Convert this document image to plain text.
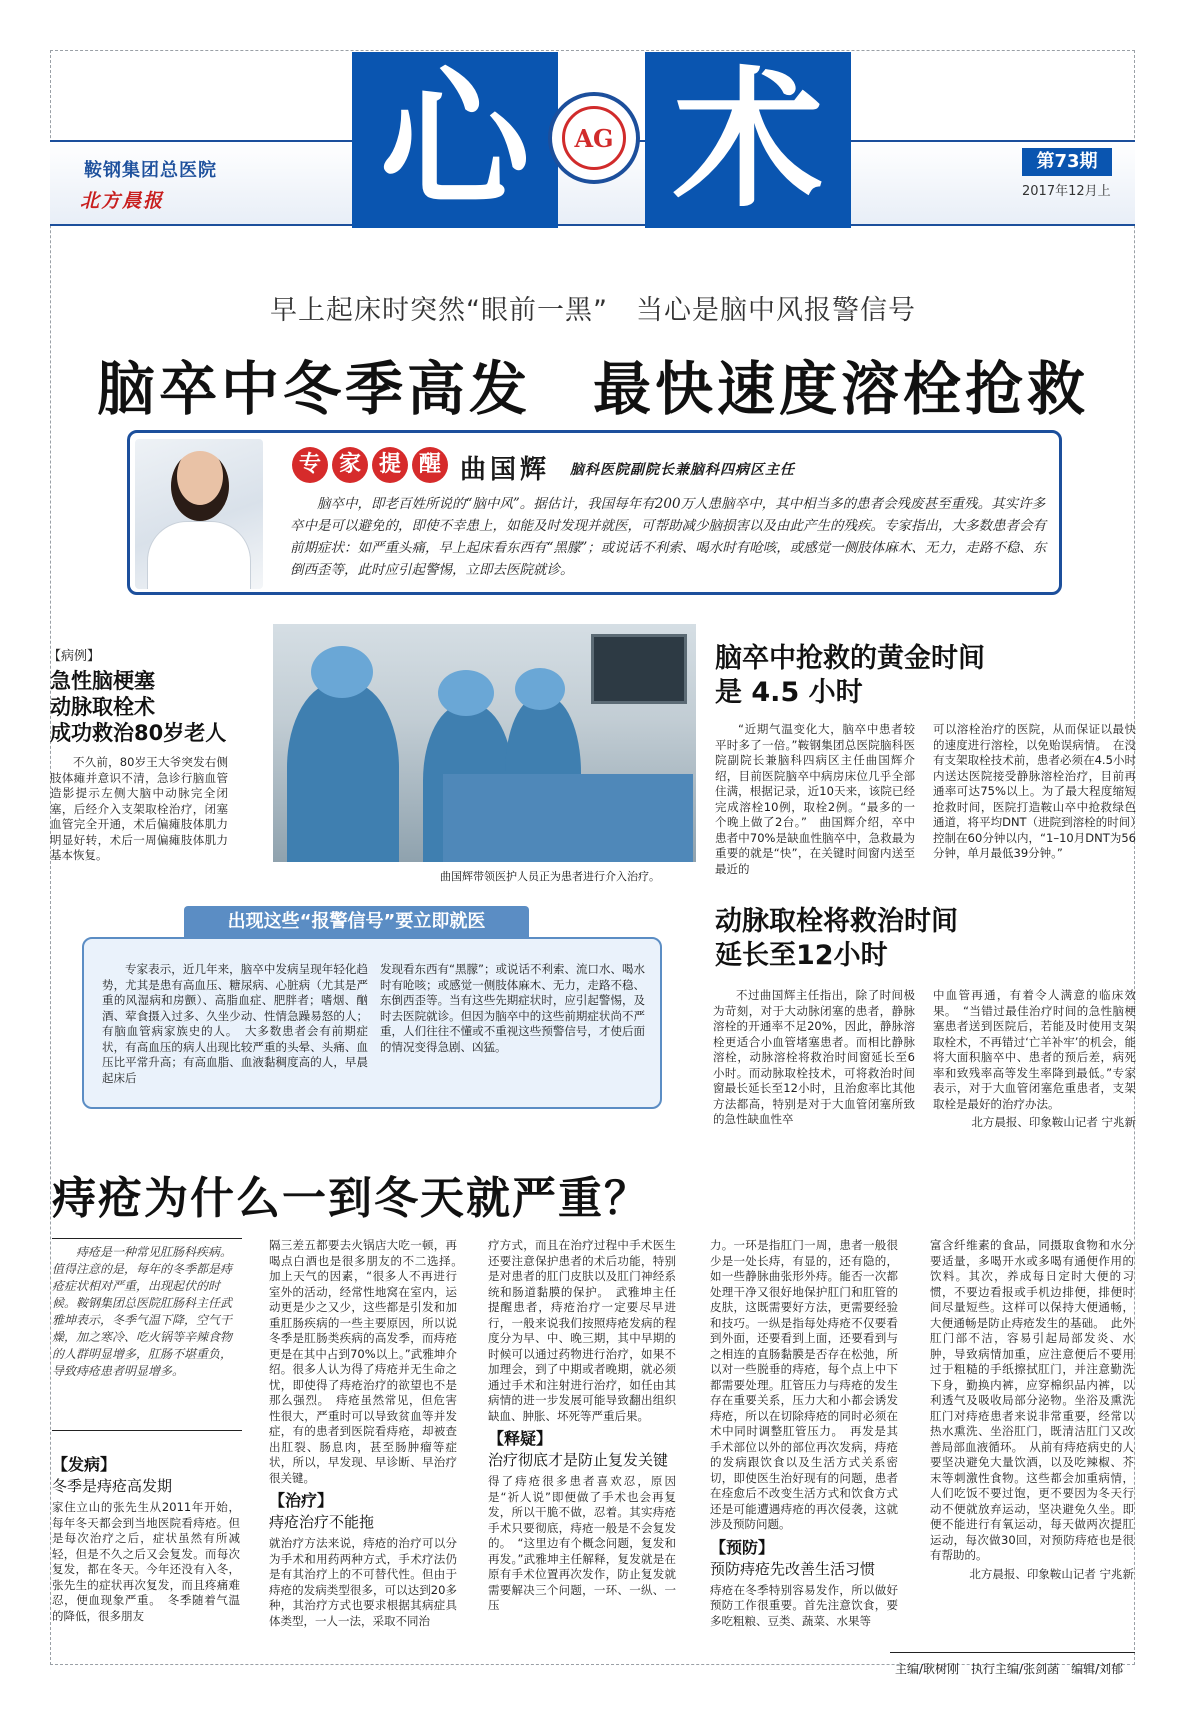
心 术
AG
鞍钢集团总医院
北方晨报
第73期
2017年12月上
早上起床时突然“眼前一黑”　当心是脑中风报警信号
脑卒中冬季高发　最快速度溶栓抢救
专 家 提 醒 曲国辉 脑科医院副院长兼脑科四病区主任
脑卒中，即老百姓所说的“脑中风”。据估计，我国每年有200万人患脑卒中，其中相当多的患者会残废甚至重残。其实许多卒中是可以避免的，即使不幸患上，如能及时发现并就医，可帮助减少脑损害以及由此产生的残疾。专家指出，大多数患者会有前期症状：如严重头痛，早上起床看东西有“黑朦”；或说话不利索、喝水时有呛咳，或感觉一侧肢体麻木、无力，走路不稳、东倒西歪等，此时应引起警惕，立即去医院就诊。
【病例】
急性脑梗塞
动脉取栓术
成功救治80岁老人
不久前，80岁王大爷突发右侧肢体瘫并意识不清，急诊行脑血管造影提示左侧大脑中动脉完全闭塞，后经介入支架取栓治疗，闭塞血管完全开通，术后偏瘫肢体肌力明显好转，术后一周偏瘫肢体肌力基本恢复。
曲国辉带领医护人员正为患者进行介入治疗。
脑卒中抢救的黄金时间
是 4.5 小时
“近期气温变化大，脑卒中患者较平时多了一倍。”鞍钢集团总医院脑科医院副院长兼脑科四病区主任曲国辉介绍，目前医院脑卒中病房床位几乎全部住满，根据记录，近10天来，该院已经完成溶栓10例，取栓2例。“最多的一个晚上做了2台。”　曲国辉介绍，卒中患者中70%是缺血性脑卒中，急救最为重要的就是“快”，在关键时间窗内送至最近的
可以溶栓治疗的医院，从而保证以最快的速度进行溶栓，以免贻误病情。　在没有支架取栓技术前，患者必须在4.5小时内送达医院接受静脉溶栓治疗，目前再通率可达75%以上。为了最大程度缩短抢救时间，医院打造鞍山卒中抢救绿色通道，将平均DNT（进院到溶栓的时间）控制在60分钟以内，“1–10月DNT为56分钟，单月最低39分钟。”
出现这些“报警信号”要立即就医
专家表示，近几年来，脑卒中发病呈现年轻化趋势，尤其是患有高血压、糖尿病、心脏病（尤其是严重的风湿病和房颤）、高脂血症、肥胖者；嗜烟、酗酒、荤食摄入过多、久坐少动、性情急躁易怒的人；有脑血管病家族史的人。　大多数患者会有前期症状，有高血压的病人出现比较严重的头晕、头痛、血压比平常升高；有高血脂、血液黏稠度高的人，早晨起床后
发现看东西有“黑朦”；或说话不利索、流口水、喝水时有呛咳；或感觉一侧肢体麻木、无力，走路不稳、东倒西歪等。当有这些先期症状时，应引起警惕，及时去医院就诊。但因为脑卒中的这些前期症状尚不严重，人们往往不懂或不重视这些预警信号，才使后面的情况变得急剧、凶猛。
动脉取栓将救治时间
延长至12小时
不过曲国辉主任指出，除了时间极为苛刻，对于大动脉闭塞的患者，静脉溶栓的开通率不足20%，因此，静脉溶栓更适合小血管堵塞患者。而相比静脉溶栓，动脉溶栓将救治时间窗延长至6小时。而动脉取栓技术，可将救治时间窗最长延长至12小时，且治愈率比其他方法都高，特别是对于大血管闭塞所致的急性缺血性卒
中血管再通，有着令人满意的临床效果。　“当错过最佳治疗时间的急性脑梗塞患者送到医院后，若能及时使用支架取栓术，不再错过‘亡羊补牢’的机会，能将大面积脑卒中、患者的预后差，病死率和致残率高等发生率降到最低。”专家表示，对于大血管闭塞危重患者，支架取栓是最好的治疗办法。
北方晨报、印象鞍山记者 宁兆新
痔疮为什么一到冬天就严重？
痔疮是一种常见肛肠科疾病。值得注意的是，每年的冬季都是痔疮症状相对严重，出现起伏的时候。鞍钢集团总医院肛肠科主任武雅坤表示，冬季气温下降，空气干燥，加之寒冷、吃火锅等辛辣食物的人群明显增多，肛肠不堪重负，导致痔疮患者明显增多。
【发病】
冬季是痔疮高发期
家住立山的张先生从2011年开始，每年冬天都会到当地医院看痔疮。但是每次治疗之后，症状虽然有所减轻，但是不久之后又会复发。而每次复发，都在冬天。今年还没有入冬，张先生的症状再次复发，而且疼痛难忍，便血现象严重。　冬季随着气温的降低，很多朋友
隔三差五都要去火锅店大吃一顿，再喝点白酒也是很多朋友的不二选择。　加上天气的因素，“很多人不再进行室外的活动，经常性地窝在室内，运动更是少之又少，这些都是引发和加重肛肠疾病的一些主要原因，所以说冬季是肛肠类疾病的高发季，而痔疮更是在其中占到70%以上。”武雅坤介绍。很多人认为得了痔疮并无生命之忧，即使得了痔疮治疗的欲望也不是那么强烈。　痔疮虽然常见，但危害性很大，严重时可以导致贫血等并发症，有的患者到医院看痔疮，却被查出肛裂、肠息肉，甚至肠肿瘤等症状，所以，早发现、早诊断、早治疗很关键。
【治疗】
痔疮治疗不能拖
就治疗方法来说，痔疮的治疗可以分为手术和用药两种方式，手术疗法仍是有其治疗上的不可替代性。但由于痔疮的发病类型很多，可以达到20多种，其治疗方式也要求根据其病症具体类型，一人一法，采取不同治
疗方式，而且在治疗过程中手术医生还要注意保护患者的术后功能，特别是对患者的肛门皮肤以及肛门神经系统和肠道黏膜的保护。　武雅坤主任提醒患者，痔疮治疗一定要尽早进行，一般来说我们按照痔疮发病的程度分为早、中、晚三期，其中早期的时候可以通过药物进行治疗，如果不加理会，到了中期或者晚期，就必须通过手术和注射进行治疗，如任由其病情的进一步发展可能导致翻出组织缺血、肿胀、坏死等严重后果。
【释疑】
治疗彻底才是防止复发关键
得了痔疮很多患者喜欢忍，原因是“祈人说”即便做了手术也会再复发，所以干脆不做，忍着。其实痔疮手术只要彻底，痔疮一般是不会复发的。　“这里边有个概念问题，复发和再发。”武雅坤主任解释，复发就是在原有手术位置再次发作，防止复发就需要解决三个问题，一环、一纵、一压
力。一环是指肛门一周，患者一般很少是一处长痔，有显的，还有隐的，如一些静脉曲张形外痔。能否一次都处理干净又很好地保护肛门和肛管的皮肤，这既需要好方法，更需要经验和技巧。一纵是指每处痔疮不仅要看到外面，还要看到上面，还要看到与之相连的直肠黏膜是否存在松弛，所以对一些脱垂的痔疮，每个点上中下都需要处理。肛管压力与痔疮的发生存在重要关系，压力大和小都会诱发痔疮，所以在切除痔疮的同时必须在术中同时调整肛管压力。　再发是其手术部位以外的部位再次发病，痔疮的发病跟饮食以及生活方式关系密切，即使医生治好现有的问题，患者在痊愈后不改变生活方式和饮食方式还是可能遭遇痔疮的再次侵袭，这就涉及预防问题。
【预防】
预防痔疮先改善生活习惯
痔疮在冬季特别容易发作，所以做好预防工作很重要。首先注意饮食，要多吃粗粮、豆类、蔬菜、水果等
富含纤维素的食品，同摄取食物和水分要适量，多喝开水或多喝有通便作用的饮料。其次，养成每日定时大便的习惯，不要边看报或手机边排便，排便时间尽量短些。这样可以保持大便通畅，大便通畅是防止痔疮发生的基础。　此外肛门部不洁，容易引起局部发炎、水肿，导致病情加重，应注意便后不要用过于粗糙的手纸擦拭肛门，并注意勤洗下身，勤换内裤，应穿棉织品内裤，以利透气及吸收局部分泌物。坐浴及熏洗肛门对痔疮患者来说非常重要，经常以热水熏洗、坐浴肛门，既清洁肛门又改善局部血液循环。　从前有痔疮病史的人要坚决避免大量饮酒，以及吃辣椒、芥末等刺激性食物。这些都会加重病情，人们吃饭不要过饱，更不要因为冬天行动不便就放弃运动，坚决避免久坐。即便不能进行有氧运动，每天做两次提肛运动，每次做30回，对预防痔疮也是很有帮助的。
北方晨报、印象鞍山记者 宁兆新
主编/耿树刚　执行主编/张剑菡　编辑/刘郁
